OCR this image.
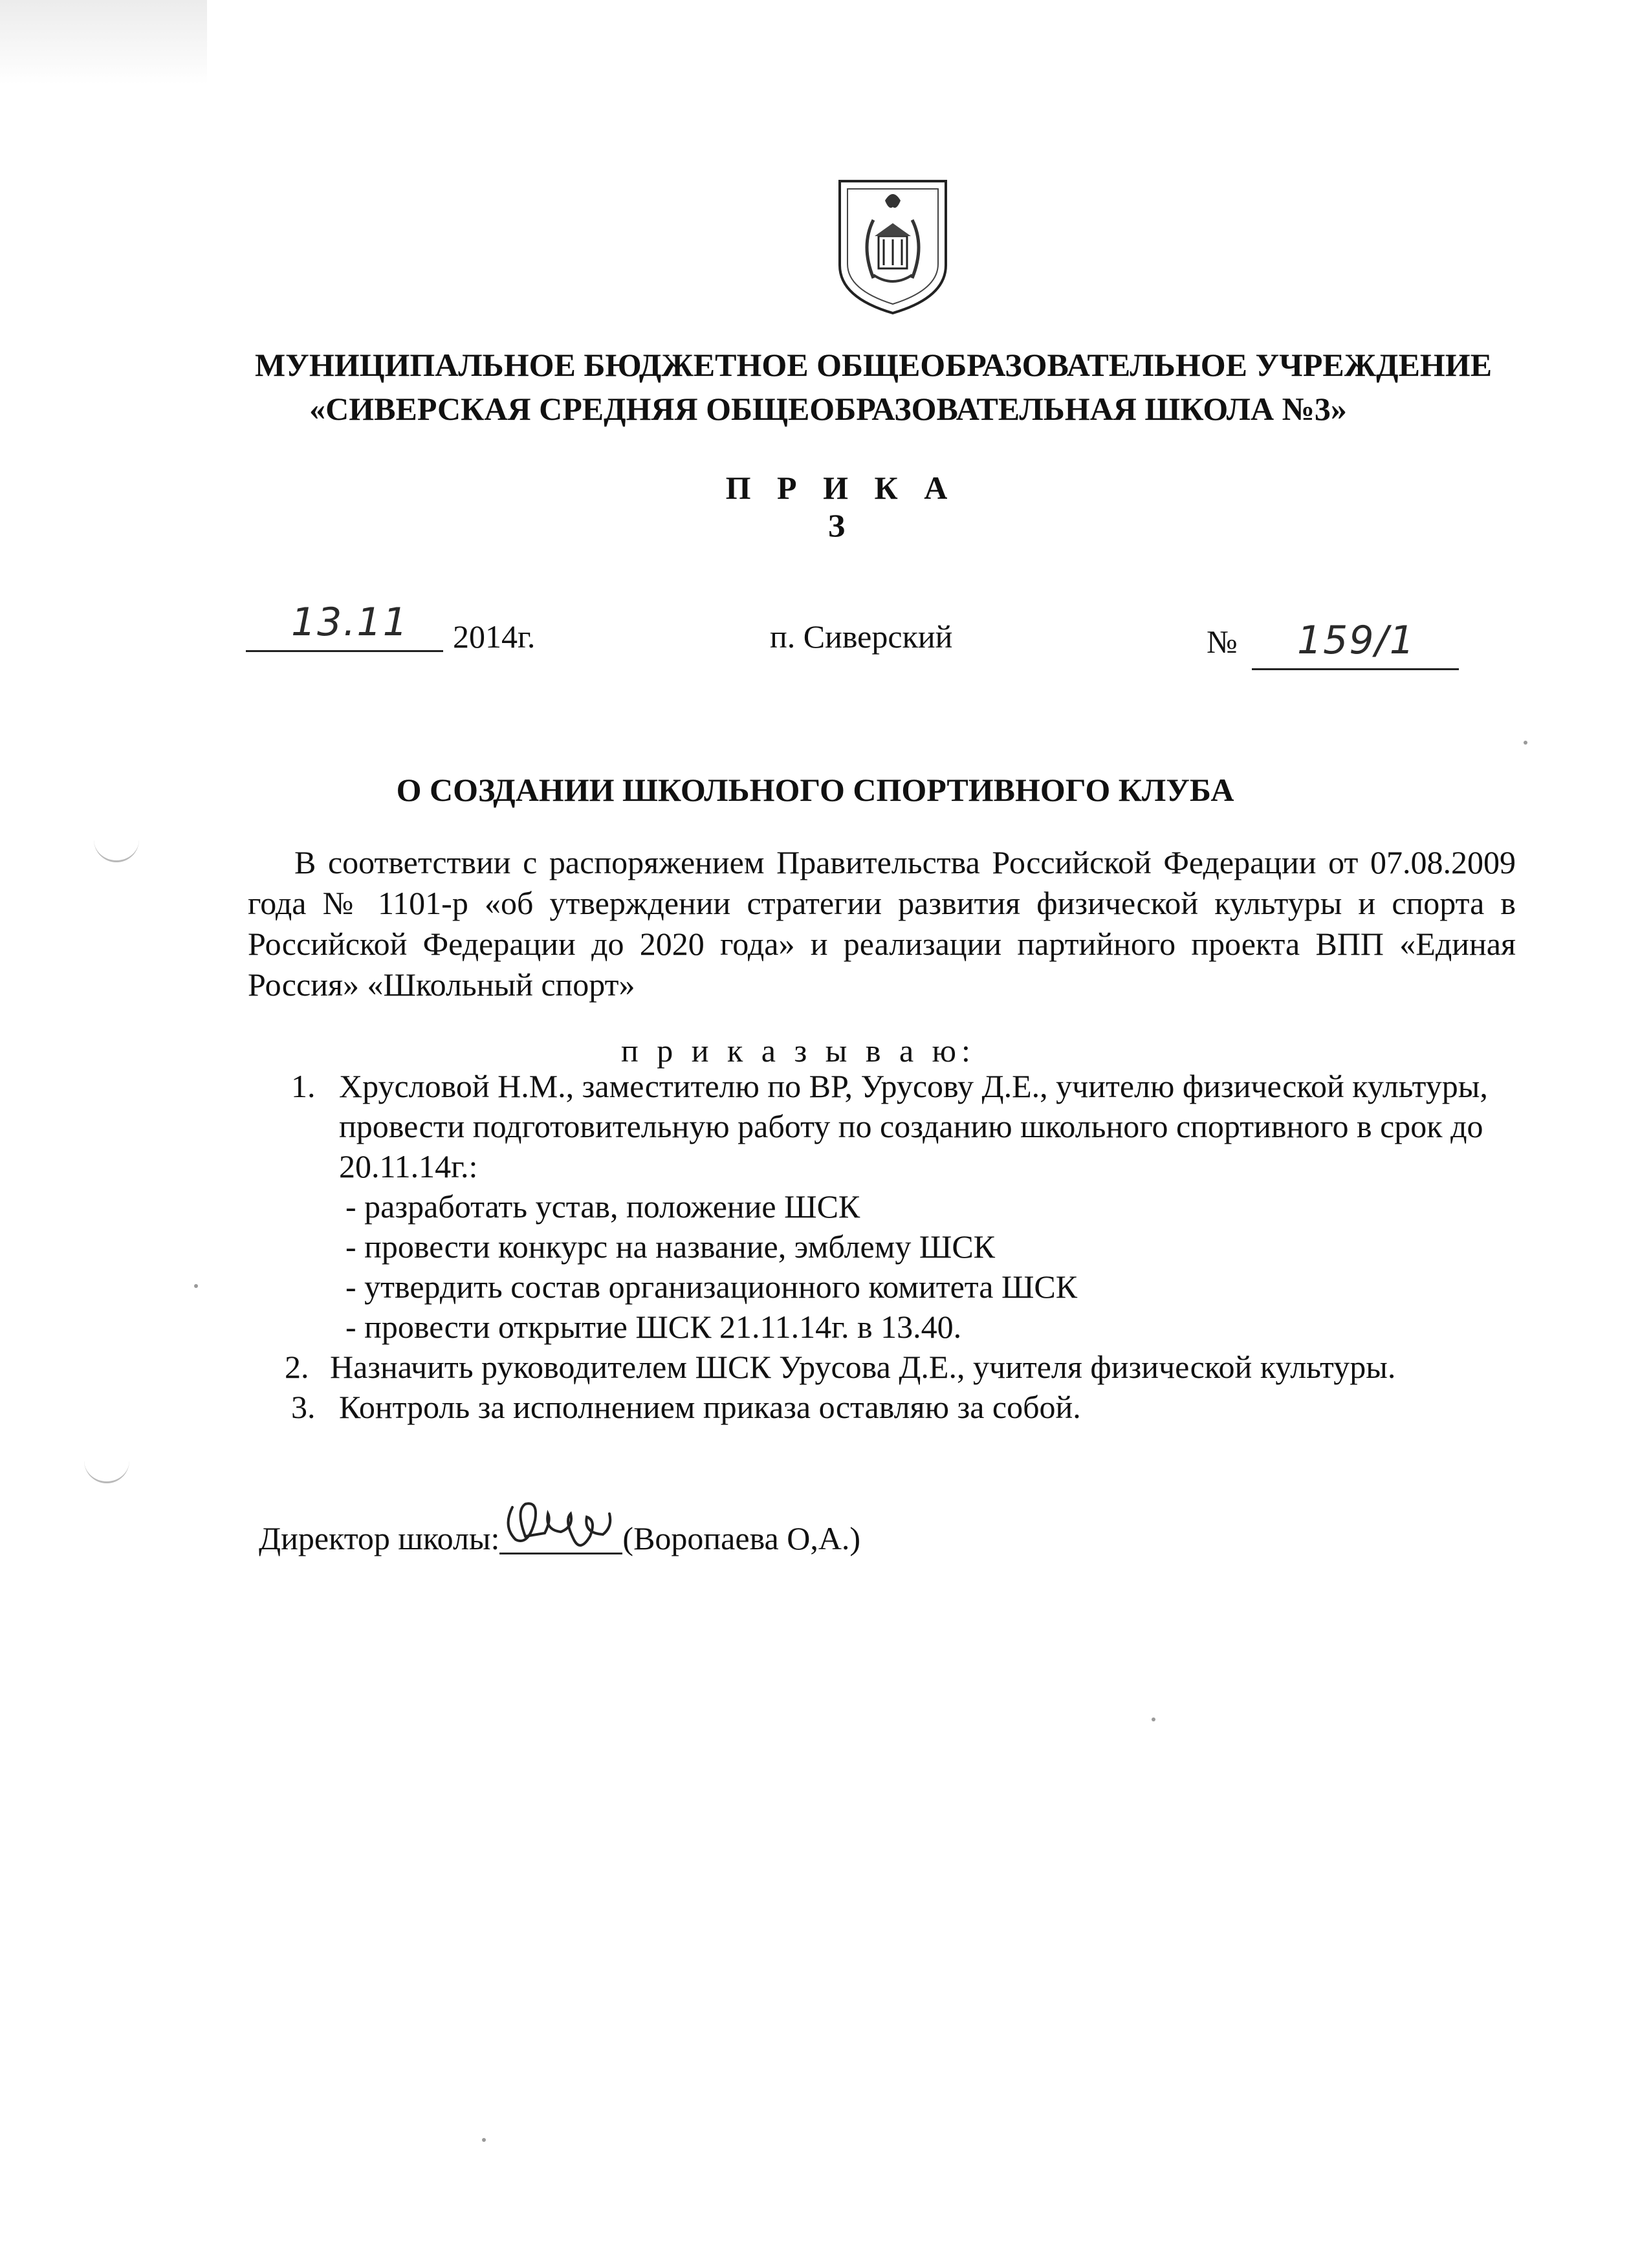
МУНИЦИПАЛЬНОЕ БЮДЖЕТНОЕ ОБЩЕОБРАЗОВАТЕЛЬНОЕ УЧРЕЖДЕНИЕ
«СИВЕРСКАЯ СРЕДНЯЯ ОБЩЕОБРАЗОВАТЕЛЬНАЯ ШКОЛА №3»
П Р И К А З
13.11 2014г.	п. Сиверский	№ 159/1
О СОЗДАНИИ ШКОЛЬНОГО СПОРТИВНОГО КЛУБА
В соответствии с распоряжением Правительства Российской Федерации от 07.08.2009 года № 1101-р «об утверждении стратегии развития физической культуры и спорта в Российской Федерации до 2020 года» и реализации партийного проекта ВПП «Единая Россия» «Школьный спорт»
п р и к а з ы в а ю:
1. Хрусловой Н.М., заместителю по ВР, Урусову Д.Е., учителю физической культуры, провести подготовительную работу по созданию школьного спортивного в срок до 20.11.14г.:
- разработать устав, положение ШСК
- провести конкурс на название, эмблему ШСК
- утвердить состав организационного комитета ШСК
- провести открытие ШСК 21.11.14г. в 13.40.
2. Назначить руководителем ШСК Урусова Д.Е., учителя физической культуры.
3. Контроль за исполнением приказа оставляю за собой.
Директор школы:	(Воропаева О,А.)
